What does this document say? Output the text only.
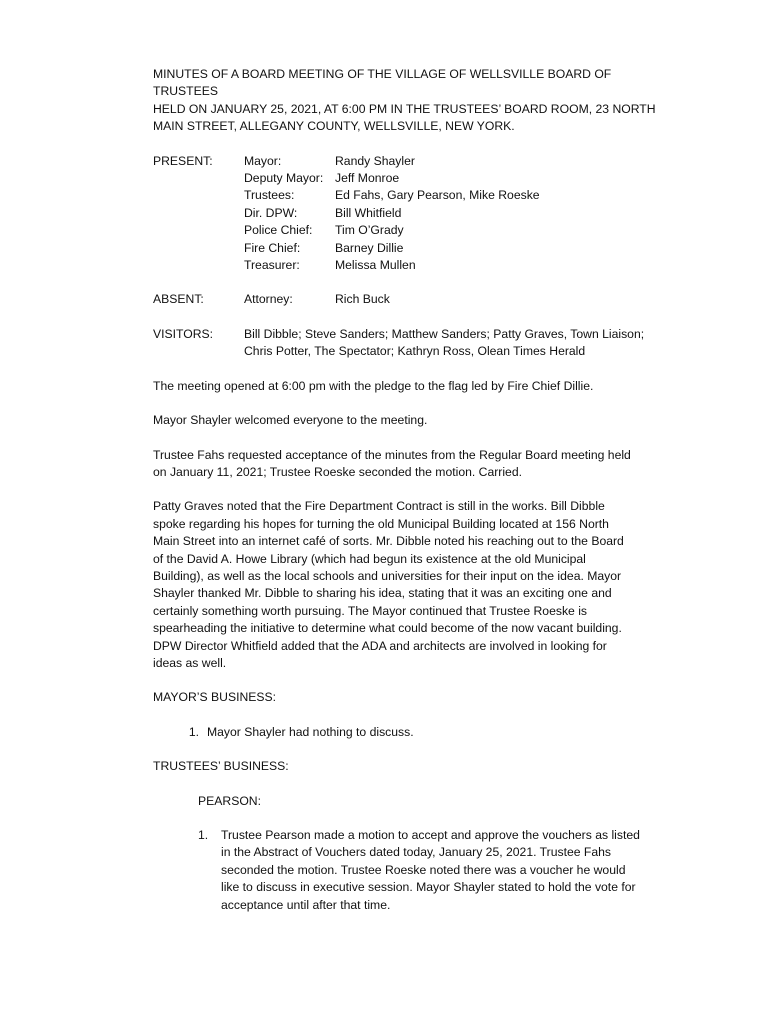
MINUTES OF A BOARD MEETING OF THE VILLAGE OF WELLSVILLE BOARD OF TRUSTEES
HELD ON JANUARY 25, 2021, AT 6:00 PM IN THE TRUSTEES’ BOARD ROOM, 23 NORTH
MAIN STREET, ALLEGANY COUNTY, WELLSVILLE, NEW YORK.
PRESENT:	Mayor:	Randy Shayler
Deputy Mayor: Jeff Monroe
Trustees:	Ed Fahs, Gary Pearson, Mike Roeske
Dir. DPW:	Bill Whitfield
Police Chief:	Tim O’Grady
Fire Chief:	Barney Dillie
Treasurer:	Melissa Mullen
ABSENT:	Attorney:	Rich Buck
VISITORS:	Bill Dibble; Steve Sanders; Matthew Sanders; Patty Graves, Town Liaison;
Chris Potter, The Spectator; Kathryn Ross, Olean Times Herald

The meeting opened at 6:00 pm with the pledge to the flag led by Fire Chief Dillie.

Mayor Shayler welcomed everyone to the meeting.

Trustee Fahs requested acceptance of the minutes from the Regular Board meeting held
on January 11, 2021; Trustee Roeske seconded the motion. Carried.

Patty Graves noted that the Fire Department Contract is still in the works. Bill Dibble
spoke regarding his hopes for turning the old Municipal Building located at 156 North
Main Street into an internet café of sorts. Mr. Dibble noted his reaching out to the Board
of the David A. Howe Library (which had begun its existence at the old Municipal
Building), as well as the local schools and universities for their input on the idea. Mayor
Shayler thanked Mr. Dibble to sharing his idea, stating that it was an exciting one and
certainly something worth pursuing. The Mayor continued that Trustee Roeske is
spearheading the initiative to determine what could become of the now vacant building.
DPW Director Whitfield added that the ADA and architects are involved in looking for
ideas as well.

MAYOR’S BUSINESS:

1. Mayor Shayler had nothing to discuss.

TRUSTEES’ BUSINESS:

PEARSON:

1.	Trustee Pearson made a motion to accept and approve the vouchers as listed
in the Abstract of Vouchers dated today, January 25, 2021. Trustee Fahs
seconded the motion. Trustee Roeske noted there was a voucher he would
like to discuss in executive session. Mayor Shayler stated to hold the vote for
acceptance until after that time.
